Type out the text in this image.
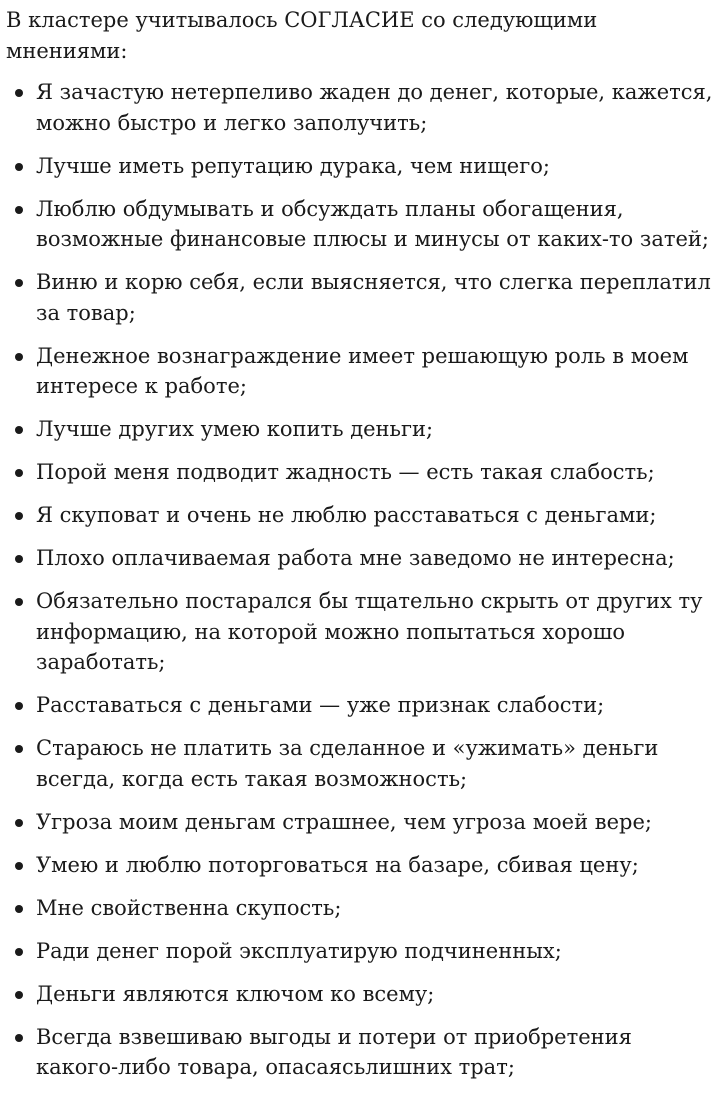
В кластере учитывалось СОГЛАСИЕ со следующими мнениями:

Я зачастую нетерпеливо жаден до денег, которые, кажется, можно быстро и легко заполучить;
Лучше иметь репутацию дурака, чем нищего;
Люблю обдумывать и обсуждать планы обогащения, возможные финансовые плюсы и минусы от каких-то затей;
Виню и корю себя, если выясняется, что слегка переплатил за товар;
Денежное вознаграждение имеет решающую роль в моем интересе к работе;
Лучше других умею копить деньги;
Порой меня подводит жадность — есть такая слабость;
Я скуповат и очень не люблю расставаться с деньгами;
Плохо оплачиваемая работа мне заведомо не интересна;
Обязательно постарался бы тщательно скрыть от других ту информацию, на которой можно попытаться хорошо заработать;
Расставаться с деньгами — уже признак слабости;
Стараюсь не платить за сделанное и «ужимать» деньги всегда, когда есть такая возможность;
Угроза моим деньгам страшнее, чем угроза моей вере;
Умею и люблю поторговаться на базаре, сбивая цену;
Мне свойственна скупость;
Ради денег порой эксплуатирую подчиненных;
Деньги являются ключом ко всему;
Всегда взвешиваю выгоды и потери от приобретения какого-либо товара, опасаясьлишних трат;
